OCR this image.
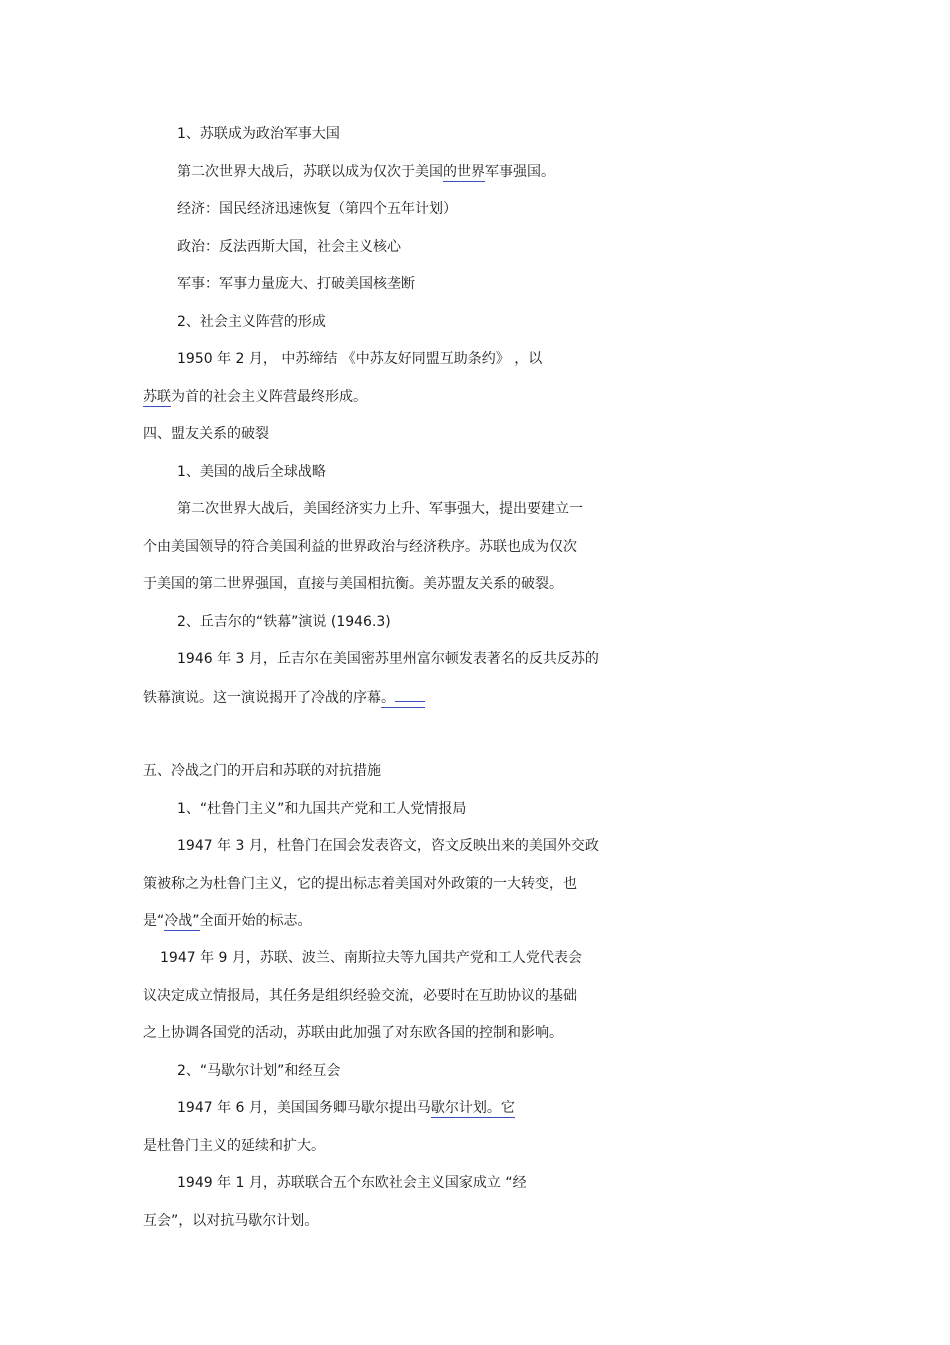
1、苏联成为政治军事大国
第二次世界大战后，苏联以成为仅次于美国的世界军事强国。
经济：国民经济迅速恢复（第四个五年计划）
政治：反法西斯大国，社会主义核心
军事：军事力量庞大、打破美国核垄断
2、社会主义阵营的形成
1950 年 2 月， 中苏缔结 《中苏友好同盟互助条约》 ，以
苏联为首的社会主义阵营最终形成。
四、盟友关系的破裂
1、美国的战后全球战略
第二次世界大战后，美国经济实力上升、军事强大，提出要建立一
个由美国领导的符合美国利益的世界政治与经济秩序。苏联也成为仅次
于美国的第二世界强国，直接与美国相抗衡。美苏盟友关系的破裂。
2、丘吉尔的“铁幕”演说 (1946.3)
1946 年 3 月，丘吉尔在美国密苏里州富尔顿发表著名的反共反苏的
铁幕演说。这一演说揭开了冷战的序幕。
五、冷战之门的开启和苏联的对抗措施
1、“杜鲁门主义”和九国共产党和工人党情报局
1947 年 3 月，杜鲁门在国会发表咨文，咨文反映出来的美国外交政
策被称之为杜鲁门主义，它的提出标志着美国对外政策的一大转变，也
是“冷战”全面开始的标志。
1947 年 9 月，苏联、波兰、南斯拉夫等九国共产党和工人党代表会
议决定成立情报局，其任务是组织经验交流，必要时在互助协议的基础
之上协调各国党的活动，苏联由此加强了对东欧各国的控制和影响。
2、“马歇尔计划”和经互会
1947 年 6 月，美国国务卿马歇尔提出马歇尔计划。它
是杜鲁门主义的延续和扩大。
1949 年 1 月，苏联联合五个东欧社会主义国家成立 “经
互会”，以对抗马歇尔计划。
